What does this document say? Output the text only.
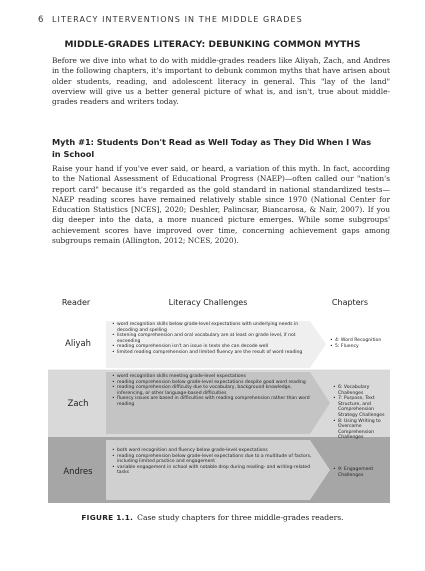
6 LITERACY INTERVENTIONS IN THE MIDDLE GRADES
MIDDLE-GRADES LITERACY: DEBUNKING COMMON MYTHS
Before we dive into what to do with middle-grades readers like Aliyah, Zach, and Andres in the following chapters, it's important to debunk common myths that have arisen about older students, reading, and adolescent literacy in general. This "lay of the land" overview will give us a better general picture of what is, and isn't, true about middle-grades readers and writers today.
Myth #1: Students Don't Read as Well Today as They Did When I Was in School
Raise your hand if you've ever said, or heard, a variation of this myth. In fact, according to the National Assessment of Educational Progress (NAEP)—often called our "nation's report card" because it's regarded as the gold standard in national standardized tests—NAEP reading scores have remained relatively stable since 1970 (National Center for Education Statistics [NCES], 2020; Deshler, Palincsar, Biancarosa, & Nair, 2007). If you dig deeper into the data, a more nuanced picture emerges. While some subgroups' achievement scores have improved over time, concerning achievement gaps among subgroups remain (Allington, 2012; NCES, 2020).
Reader	Literacy Challenges	Chapters
Aliyah
Zach
Andres
• word recognition skills below grade-level expectations with underlying needs in decoding and spelling
• listening comprehension and oral vocabulary are at least on grade level, if not exceeding
• reading comprehension isn't an issue in texts she can decode well
• limited reading comprehension and limited fluency are the result of word reading
• 4: Word Recognition
• 5: Fluency
• word recognition skills meeting grade-level expectations
• reading comprehension below grade-level expectations despite good word reading
• reading comprehension difficulty due to vocabulary, background knowledge, inferencing, or other language-based difficulties
• fluency issues are based in difficulties with reading comprehension rather than word reading
• 6: Vocabulary Challenges
• 7: Purpose, Text Structure, and Comprehension Strategy Challenges
• 8: Using Writing to Overcome Comprehension Challenges
• both word recognition and fluency below grade-level expectations
• reading comprehension below grade-level expectations due to a multitude of factors, including limited practice and engagement
• variable engagement in school with notable drop during reading- and writing-related tasks
• 9: Engagement Challenges
FIGURE 1.1. Case study chapters for three middle-grades readers.
